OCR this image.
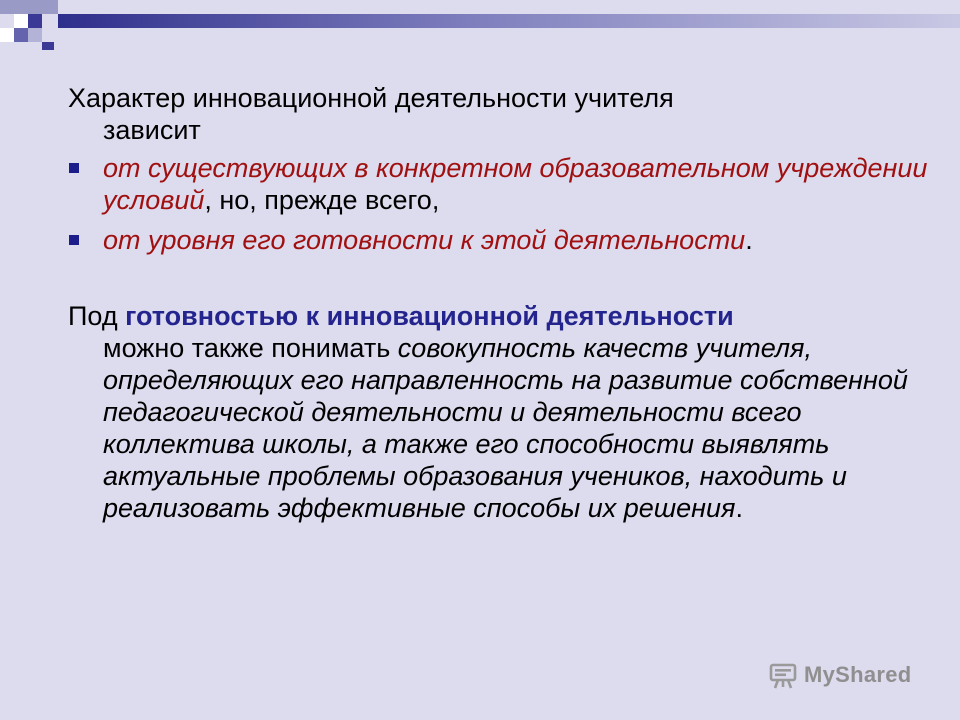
Характер инновационной деятельности учителя
зависит

от существующих в конкретном образовательном учреждении условий, но, прежде всего,
от уровня его готовности к этой деятельности.

Под готовностью к инновационной деятельности
можно также понимать совокупность качеств учителя, определяющих его направленность на развитие собственной педагогической деятельности и деятельности всего коллектива школы, а также его способности выявлять актуальные проблемы образования учеников, находить и реализовать эффективные способы их решения.

MyShared
